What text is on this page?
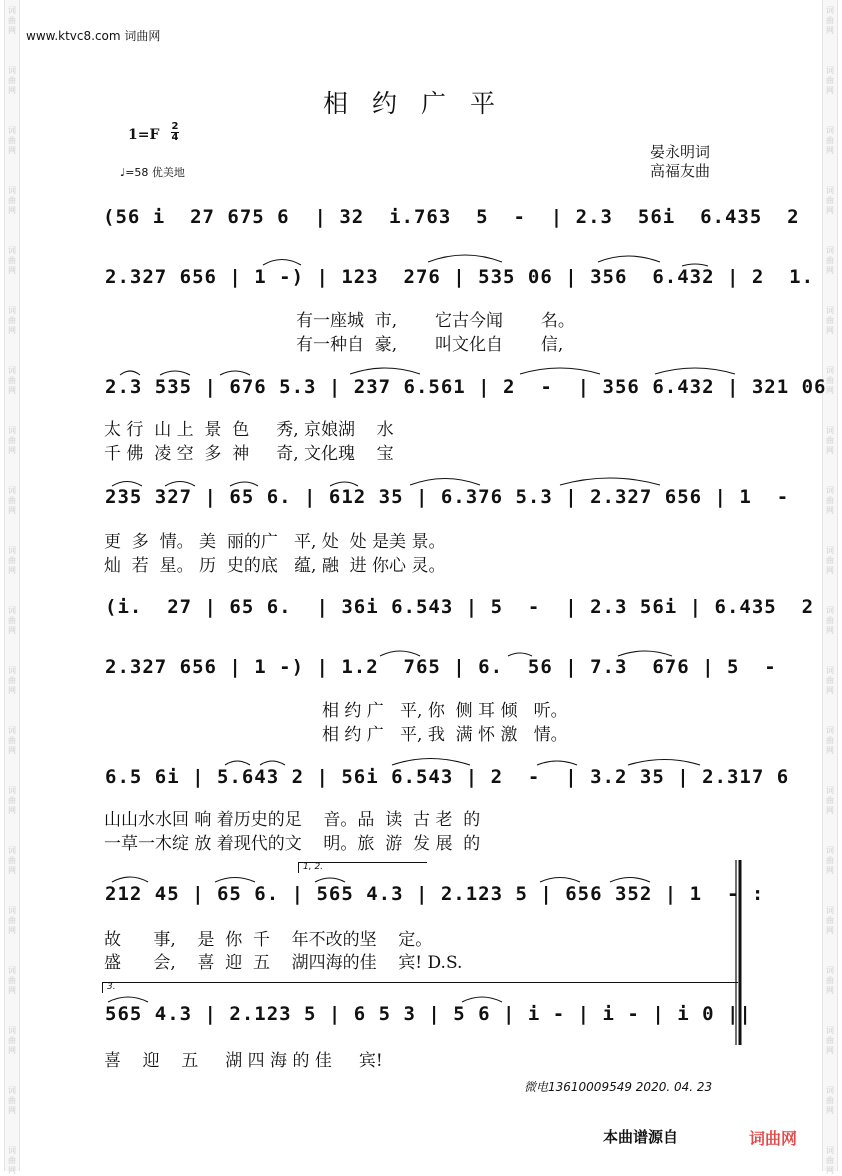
词
曲
网
词
曲
网
词
曲
网
词
曲
网
词
曲
网
词
曲
网
词
曲
网
词
曲
网
词
曲
网
词
曲
网
词
曲
网
词
曲
网
词
曲
网
词
曲
网
词
曲
网
词
曲
网
词
曲
网
词
曲
网
词
曲
网
词
曲
网
词
曲
网
词
曲
网
词
曲
网
词
曲
网
词
曲
网
词
曲
网
词
曲
网
词
曲
网
词
曲
网
词
曲
网
词
曲
网
词
曲
网
词
曲
网
词
曲
网
词
曲
网
词
曲
网
词
曲
网
词
曲
网
词
曲
网
词
曲
网
www.ktvc8.com 词曲网
相约广平
1=F
2
4
♩=58 优美地
晏永明词
高福友曲
(56 i  27 675 6  | 32  i.763  5  -  | 2.3  56i  6.435  2
2.327 656 | 1 -) | 123  276 | 535 06 | 356  6.432 | 2  1.
2.3 535 | 676 5.3 | 237 6.561 | 2  -  | 356 6.432 | 321 06
235 327 | 65 6. | 612 35 | 6.376 5.3 | 2.327 656 | 1  -
(i.  27 | 65 6.  | 36i 6.543 | 5  -  | 2.3 56i | 6.435  2
2.327 656 | 1 -) | 1.2  765 | 6.  56 | 7.3  676 | 5  -
6.5 6i | 5.643 2 | 56i 6.543 | 2  -  | 3.2 35 | 2.317 6
212 45 | 65 6. | 565 4.3 | 2.123 5 | 656 352 | 1  - :
565 4.3 | 2.123 5 | 6 5 3 | 5 6 | i - | i - | i 0 ||
有一座城  市,       它古今闻       名。
有一种自  豪,       叫文化自       信,
太 行  山 上  景  色     秀, 京娘湖    水
千 佛  凌 空  多  神     奇, 文化瑰    宝
更  多  情。 美  丽的广   平, 处  处 是美 景。
灿  若  星。 历  史的底   蕴, 融  进 你心 灵。
相 约 广   平, 你  侧 耳 倾   听。
相 约 广   平, 我  满 怀 激   情。
山山水水回 响 着历史的足    音。品  读  古 老  的
一草一木绽 放 着现代的文    明。旅  游  发 展  的
故      事,    是  你  千    年不改的坚    定。
盛      会,    喜  迎  五    湖四海的佳    宾! D.S.
喜    迎    五     湖 四 海 的 佳     宾!
1, 2.
3.
微电13610009549 2020. 04. 23
本曲谱源自	词曲网
